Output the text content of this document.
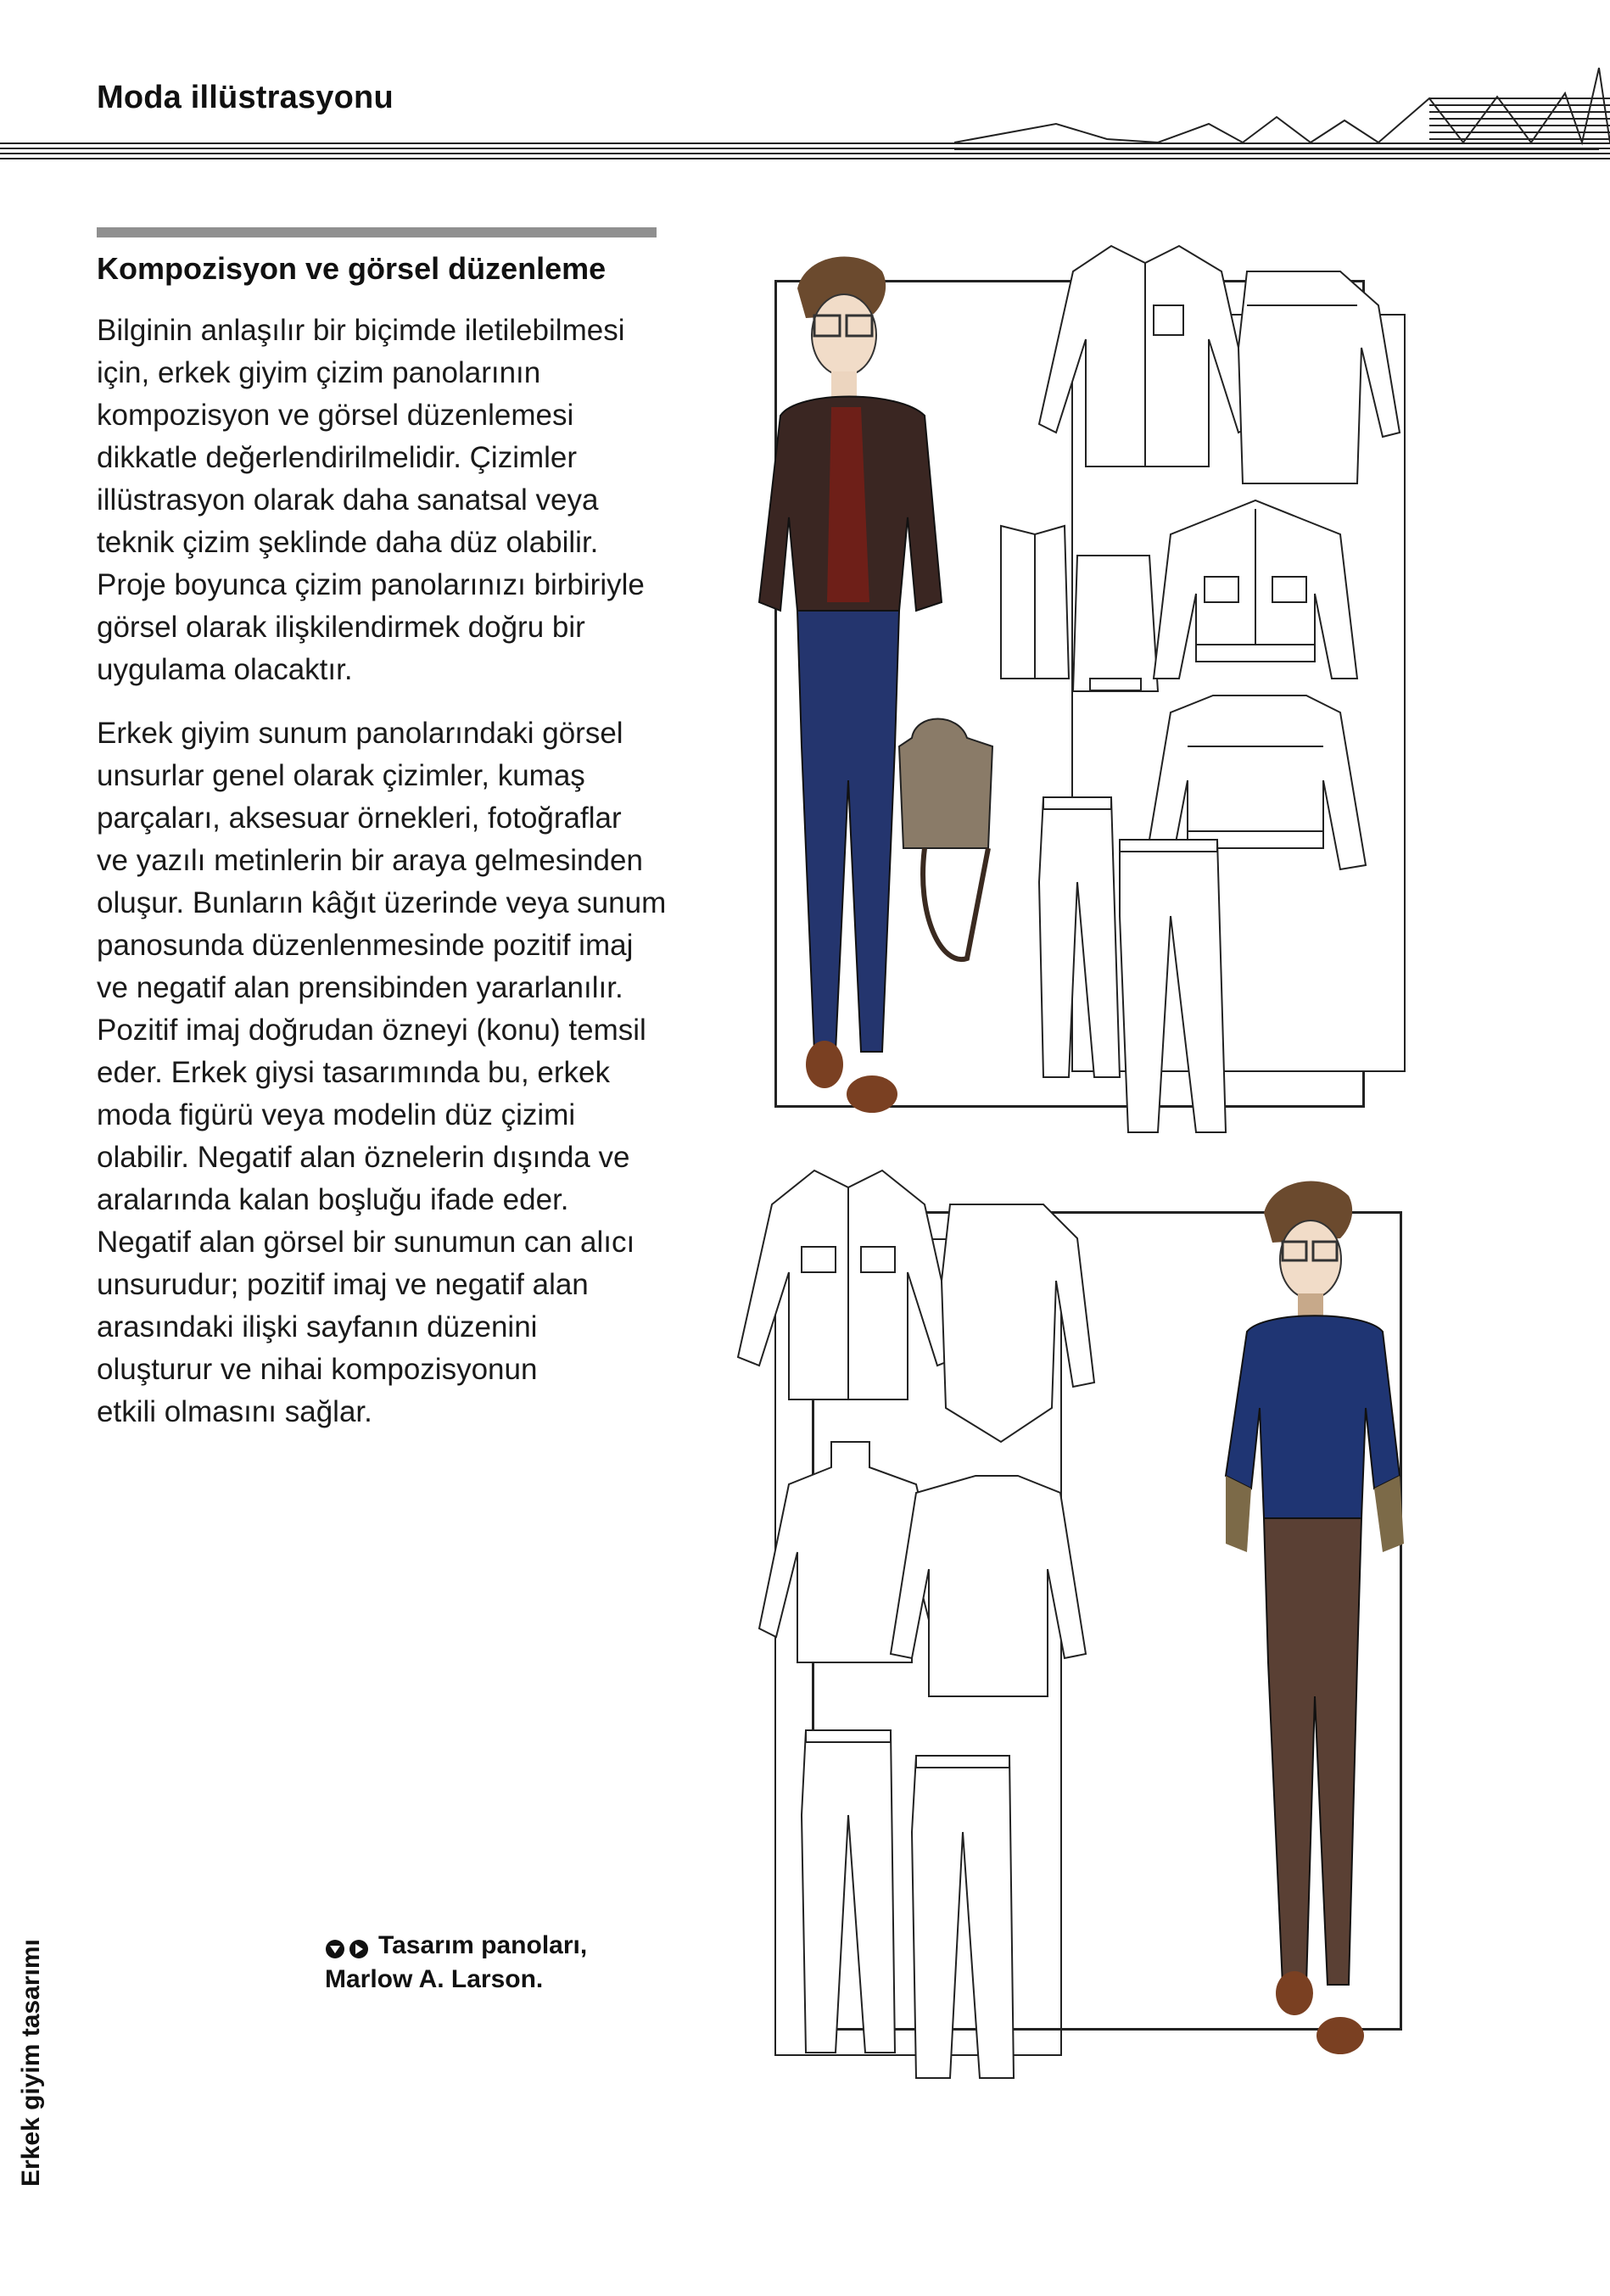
Moda illüstrasyonu
Kompozisyon ve görsel düzenleme
Bilginin anlaşılır bir biçimde iletilebilmesi
için, erkek giyim çizim panolarının
kompozisyon ve görsel düzenlemesi
dikkatle değerlendirilmelidir. Çizimler
illüstrasyon olarak daha sanatsal veya
teknik çizim şeklinde daha düz olabilir.
Proje boyunca çizim panolarınızı birbiriyle
görsel olarak ilişkilendirmek doğru bir
uygulama olacaktır.
Erkek giyim sunum panolarındaki görsel
unsurlar genel olarak çizimler, kumaş
parçaları, aksesuar örnekleri, fotoğraflar
ve yazılı metinlerin bir araya gelmesinden
oluşur. Bunların kâğıt üzerinde veya sunum
panosunda düzenlenmesinde pozitif imaj
ve negatif alan prensibinden yararlanılır.
Pozitif imaj doğrudan özneyi (konu) temsil
eder. Erkek giysi tasarımında bu, erkek
moda figürü veya modelin düz çizimi
olabilir. Negatif alan öznelerin dışında ve
aralarında kalan boşluğu ifade eder.
Negatif alan görsel bir sunumun can alıcı
unsurudur; pozitif imaj ve negatif alan
arasındaki ilişki sayfanın düzenini
oluşturur ve nihai kompozisyonun
etkili olmasını sağlar.
Tasarım panoları,
Marlow A. Larson.
Erkek giyim tasarımı
